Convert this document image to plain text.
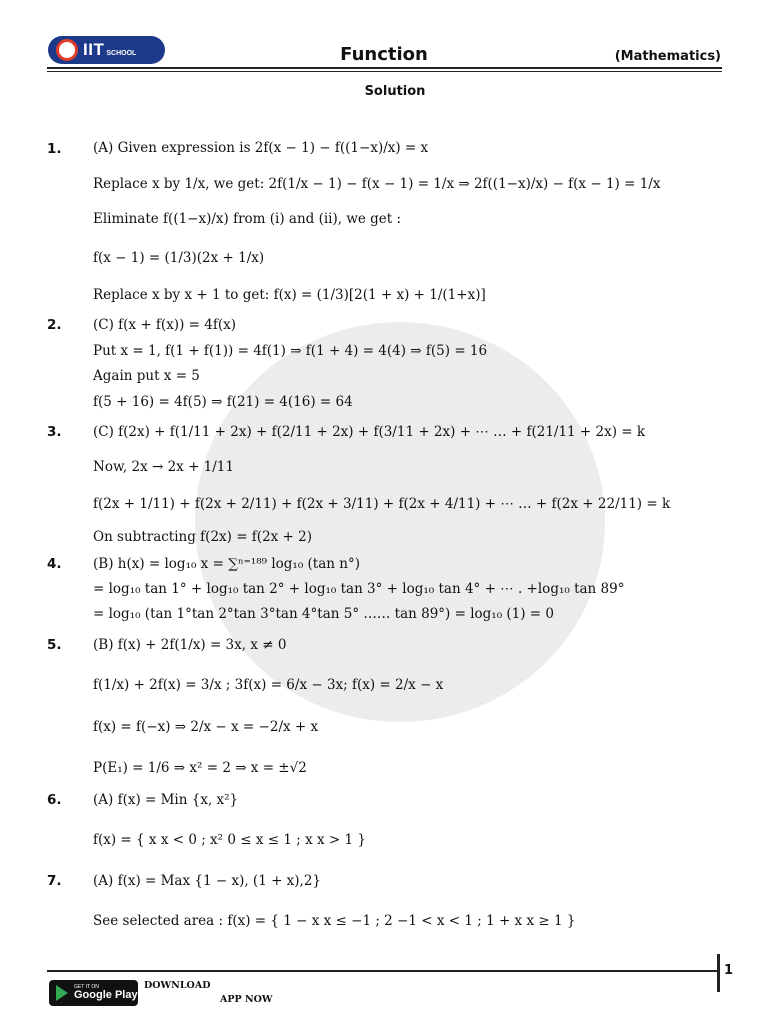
IIT SCHOOL	Function	(Mathematics)
Solution
1. (A) Given expression is 2f(x − 1) − f((1−x)/x) = x
Replace x by 1/x, we get: 2f(1/x − 1) − f(x − 1) = 1/x ⇒ 2f((1−x)/x) − f(x − 1) = 1/x
Eliminate f((1−x)/x) from (i) and (ii), we get :
f(x − 1) = (1/3)(2x + 1/x)
Replace x by x + 1 to get: f(x) = (1/3)[2(1 + x) + 1/(1+x)]
2. (C) f(x + f(x)) = 4f(x)
Put x = 1, f(1 + f(1)) = 4f(1) ⇒ f(1 + 4) = 4(4) ⇒ f(5) = 16
Again put x = 5
f(5 + 16) = 4f(5) ⇒ f(21) = 4(16) = 64
3. (C) f(2x) + f(1/11 + 2x) + f(2/11 + 2x) + f(3/11 + 2x) + ⋯ … + f(21/11 + 2x) = k
Now, 2x → 2x + 1/11
f(2x + 1/11) + f(2x + 2/11) + f(2x + 3/11) + f(2x + 4/11) + ⋯ … + f(2x + 22/11) = k
On subtracting f(2x) = f(2x + 2)
4. (B) h(x) = log₁₀ x = ∑ⁿ⁼¹⁸⁹ log₁₀ (tan n°)
= log₁₀ tan 1° + log₁₀ tan 2° + log₁₀ tan 3° + log₁₀ tan 4° + ⋯ . +log₁₀ tan 89°
= log₁₀ (tan 1°tan 2°tan 3°tan 4°tan 5° …… tan 89°) = log₁₀ (1) = 0
5. (B) f(x) + 2f(1/x) = 3x, x ≠ 0
f(1/x) + 2f(x) = 3/x ; 3f(x) = 6/x − 3x; f(x) = 2/x − x
f(x) = f(−x) ⇒ 2/x − x = −2/x + x
P(E₁) = 1/6 ⇒ x² = 2 ⇒ x = ±√2
6. (A) f(x) = Min {x, x²}
f(x) = { x x < 0 ; x² 0 ≤ x ≤ 1 ; x x > 1 }
7. (A) f(x) = Max {1 − x), (1 + x),2}
See selected area : f(x) = { 1 − x x ≤ −1 ; 2 −1 < x < 1 ; 1 + x x ≥ 1 }
1
GET IT ON
Google Play
DOWNLOAD
APP NOW
